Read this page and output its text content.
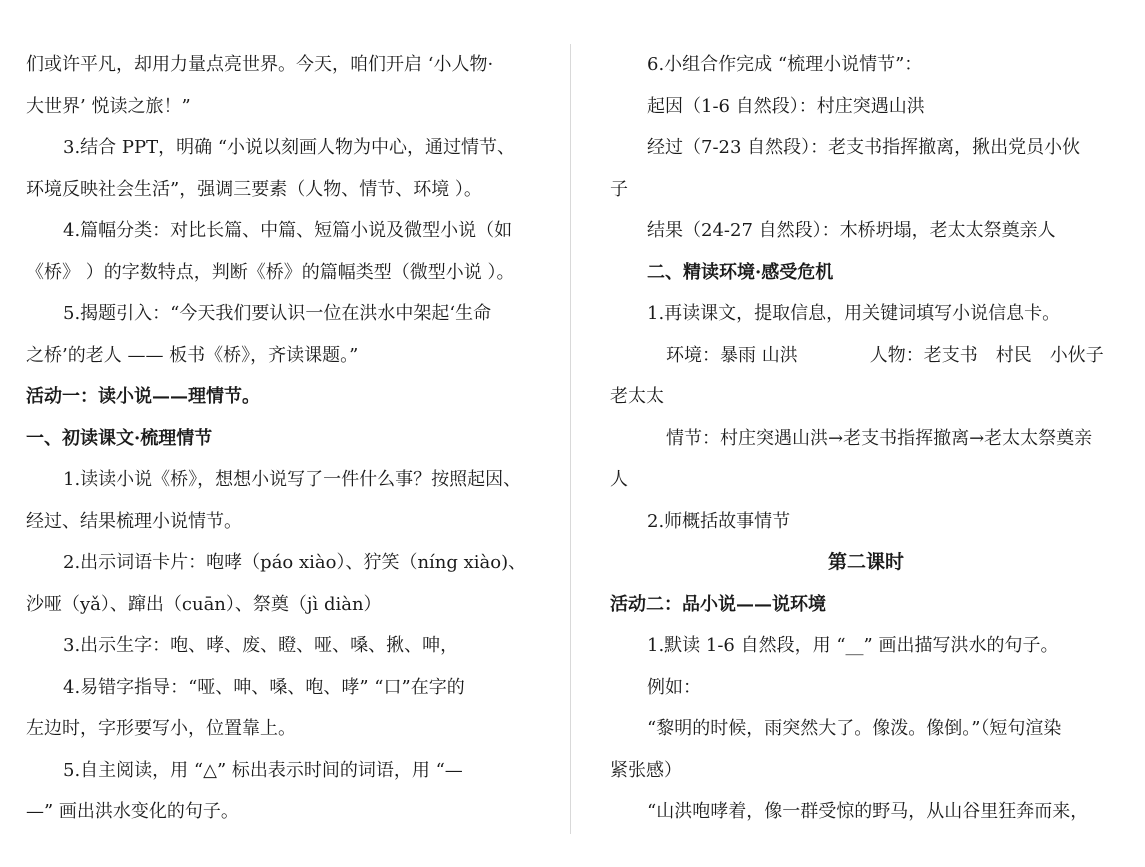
们或许平凡，却用力量点亮世界。今天，咱们开启 ‘小人物·

大世界’ 悦读之旅！”

3.结合 PPT，明确 “小说以刻画人物为中心，通过情节、

环境反映社会生活”，强调三要素（人物、情节、环境 ）。

4.篇幅分类：对比长篇、中篇、短篇小说及微型小说（如

《桥》 ）的字数特点，判断《桥》的篇幅类型（微型小说 ）。

5.揭题引入：“今天我们要认识一位在洪水中架起‘生命

之桥’的老人 —— 板书《桥》，齐读课题。”

活动一：读小说——理情节。

一、初读课文·梳理情节

1.读读小说《桥》，想想小说写了一件什么事？按照起因、

经过、结果梳理小说情节。

2.出示词语卡片：咆哮（páo xiào）、狞笑（níng xiào)、

沙哑（yǎ）、蹿出（cuān）、祭奠（jì diàn）

3.出示生字：咆、哮、废、瞪、哑、嗓、揪、呻，

4.易错字指导：“哑、呻、嗓、咆、哮” “口”在字的

左边时，字形要写小，位置靠上。

5.自主阅读，用 “△” 标出表示时间的词语，用 “—

—” 画出洪水变化的句子。

6.小组合作完成 “梳理小说情节”：

起因（1-6 自然段）：村庄突遇山洪

经过（7-23 自然段）：老支书指挥撤离，揪出党员小伙

子

结果（24-27 自然段）：木桥坍塌，老太太祭奠亲人

二、精读环境·感受危机

1.再读课文，提取信息，用关键词填写小说信息卡。

环境：暴雨 山洪　　　　人物：老支书　村民　小伙子

老太太

情节：村庄突遇山洪→老支书指挥撤离→老太太祭奠亲

人

2.师概括故事情节

第二课时

活动二：品小说——说环境

1.默读 1-6 自然段，用 “__” 画出描写洪水的句子。

例如：

“黎明的时候，雨突然大了。像泼。像倒。”（短句渲染

紧张感）

“山洪咆哮着，像一群受惊的野马，从山谷里狂奔而来，
